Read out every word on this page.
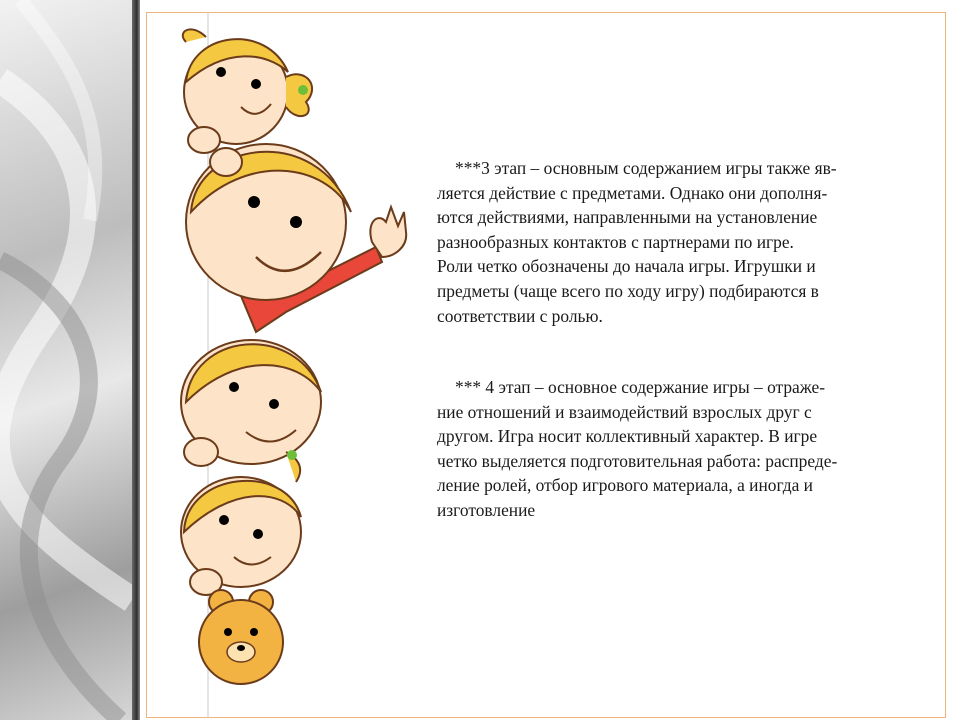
***3 этап – основным содержанием игры также яв-
ляется действие с предметами. Однако они дополня-
ются действиями, направленными на установление
разнообразных контактов с партнерами по игре.
Роли четко обозначены до начала игры. Игрушки и
предметы (чаще всего по ходу игру) подбираются в
соответствии с ролью.

*** 4 этап – основное содержание игры – отраже-
ние отношений и взаимодействий взрослых друг с
другом. Игра носит коллективный характер. В игре
четко выделяется подготовительная работа: распреде-
ление ролей, отбор игрового материала, а иногда и
изготовление
